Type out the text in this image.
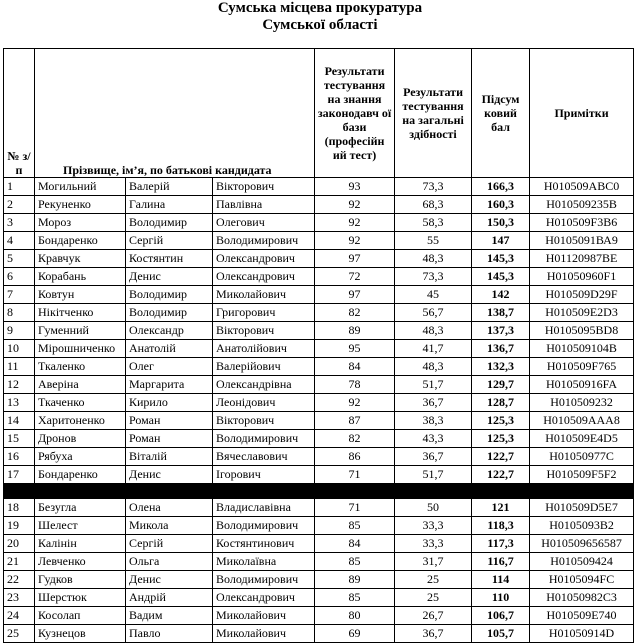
Сумська місцева прокуратура
Сумської області
№ з/п	Прізвище, ім’я, по батькові кандидата			Результати тестування на знання законодавч ої бази (професійн ий тест)	Результати тестування на загальні здібності	Підсум ковий бал	Примітки
1	Могильний	Валерій	Вікторович	93	73,3	166,3	Н010509АВС0
2	Рекуненко	Галина	Павлівна	92	68,3	160,3	Н010509235В
3	Мороз	Володимир	Олегович	92	58,3	150,3	Н010509F3B6
4	Бондаренко	Сергій	Володимирович	92	55	147	Н0105091ВА9
5	Кравчук	Костянтин	Олександрович	97	48,3	145,3	Н01120987ВЕ
6	Корабань	Денис	Олександрович	72	73,3	145,3	Н01050960F1
7	Ковтун	Володимир	Миколайович	97	45	142	Н010509D29F
8	Нікітченко	Володимир	Григорович	82	56,7	138,7	Н010509E2D3
9	Гуменний	Олександр	Вікторович	89	48,3	137,3	Н0105095BD8
10	Мірошниченко	Анатолій	Анатолійович	95	41,7	136,7	Н010509104В
11	Ткаленко	Олег	Валерійович	84	48,3	132,3	Н010509F765
12	Аверіна	Маргарита	Олександрівна	78	51,7	129,7	Н01050916FA
13	Ткаченко	Кирило	Леонідович	92	36,7	128,7	Н010509232
14	Харитоненко	Роман	Вікторович	87	38,3	125,3	Н010509AAA8
15	Дронов	Роман	Володимирович	82	43,3	125,3	Н010509E4D5
16	Рябуха	Віталій	Вячеславович	86	36,7	122,7	Н01050977C
17	Бондаренко	Денис	Ігорович	71	51,7	122,7	Н010509F5F2

18	Безугла	Олена	Владиславівна	71	50	121	Н010509D5E7
19	Шелест	Микола	Володимирович	85	33,3	118,3	Н0105093B2
20	Калінін	Сергій	Костянтинович	84	33,3	117,3	Н010509656587
21	Левченко	Ольга	Миколаївна	85	31,7	116,7	Н010509424
22	Гудков	Денис	Володимирович	89	25	114	Н0105094FC
23	Шерстюк	Андрій	Олександрович	85	25	110	Н01050982C3
24	Косолап	Вадим	Миколайович	80	26,7	106,7	Н010509E740
25	Кузнецов	Павло	Миколайович	69	36,7	105,7	Н01050914D
